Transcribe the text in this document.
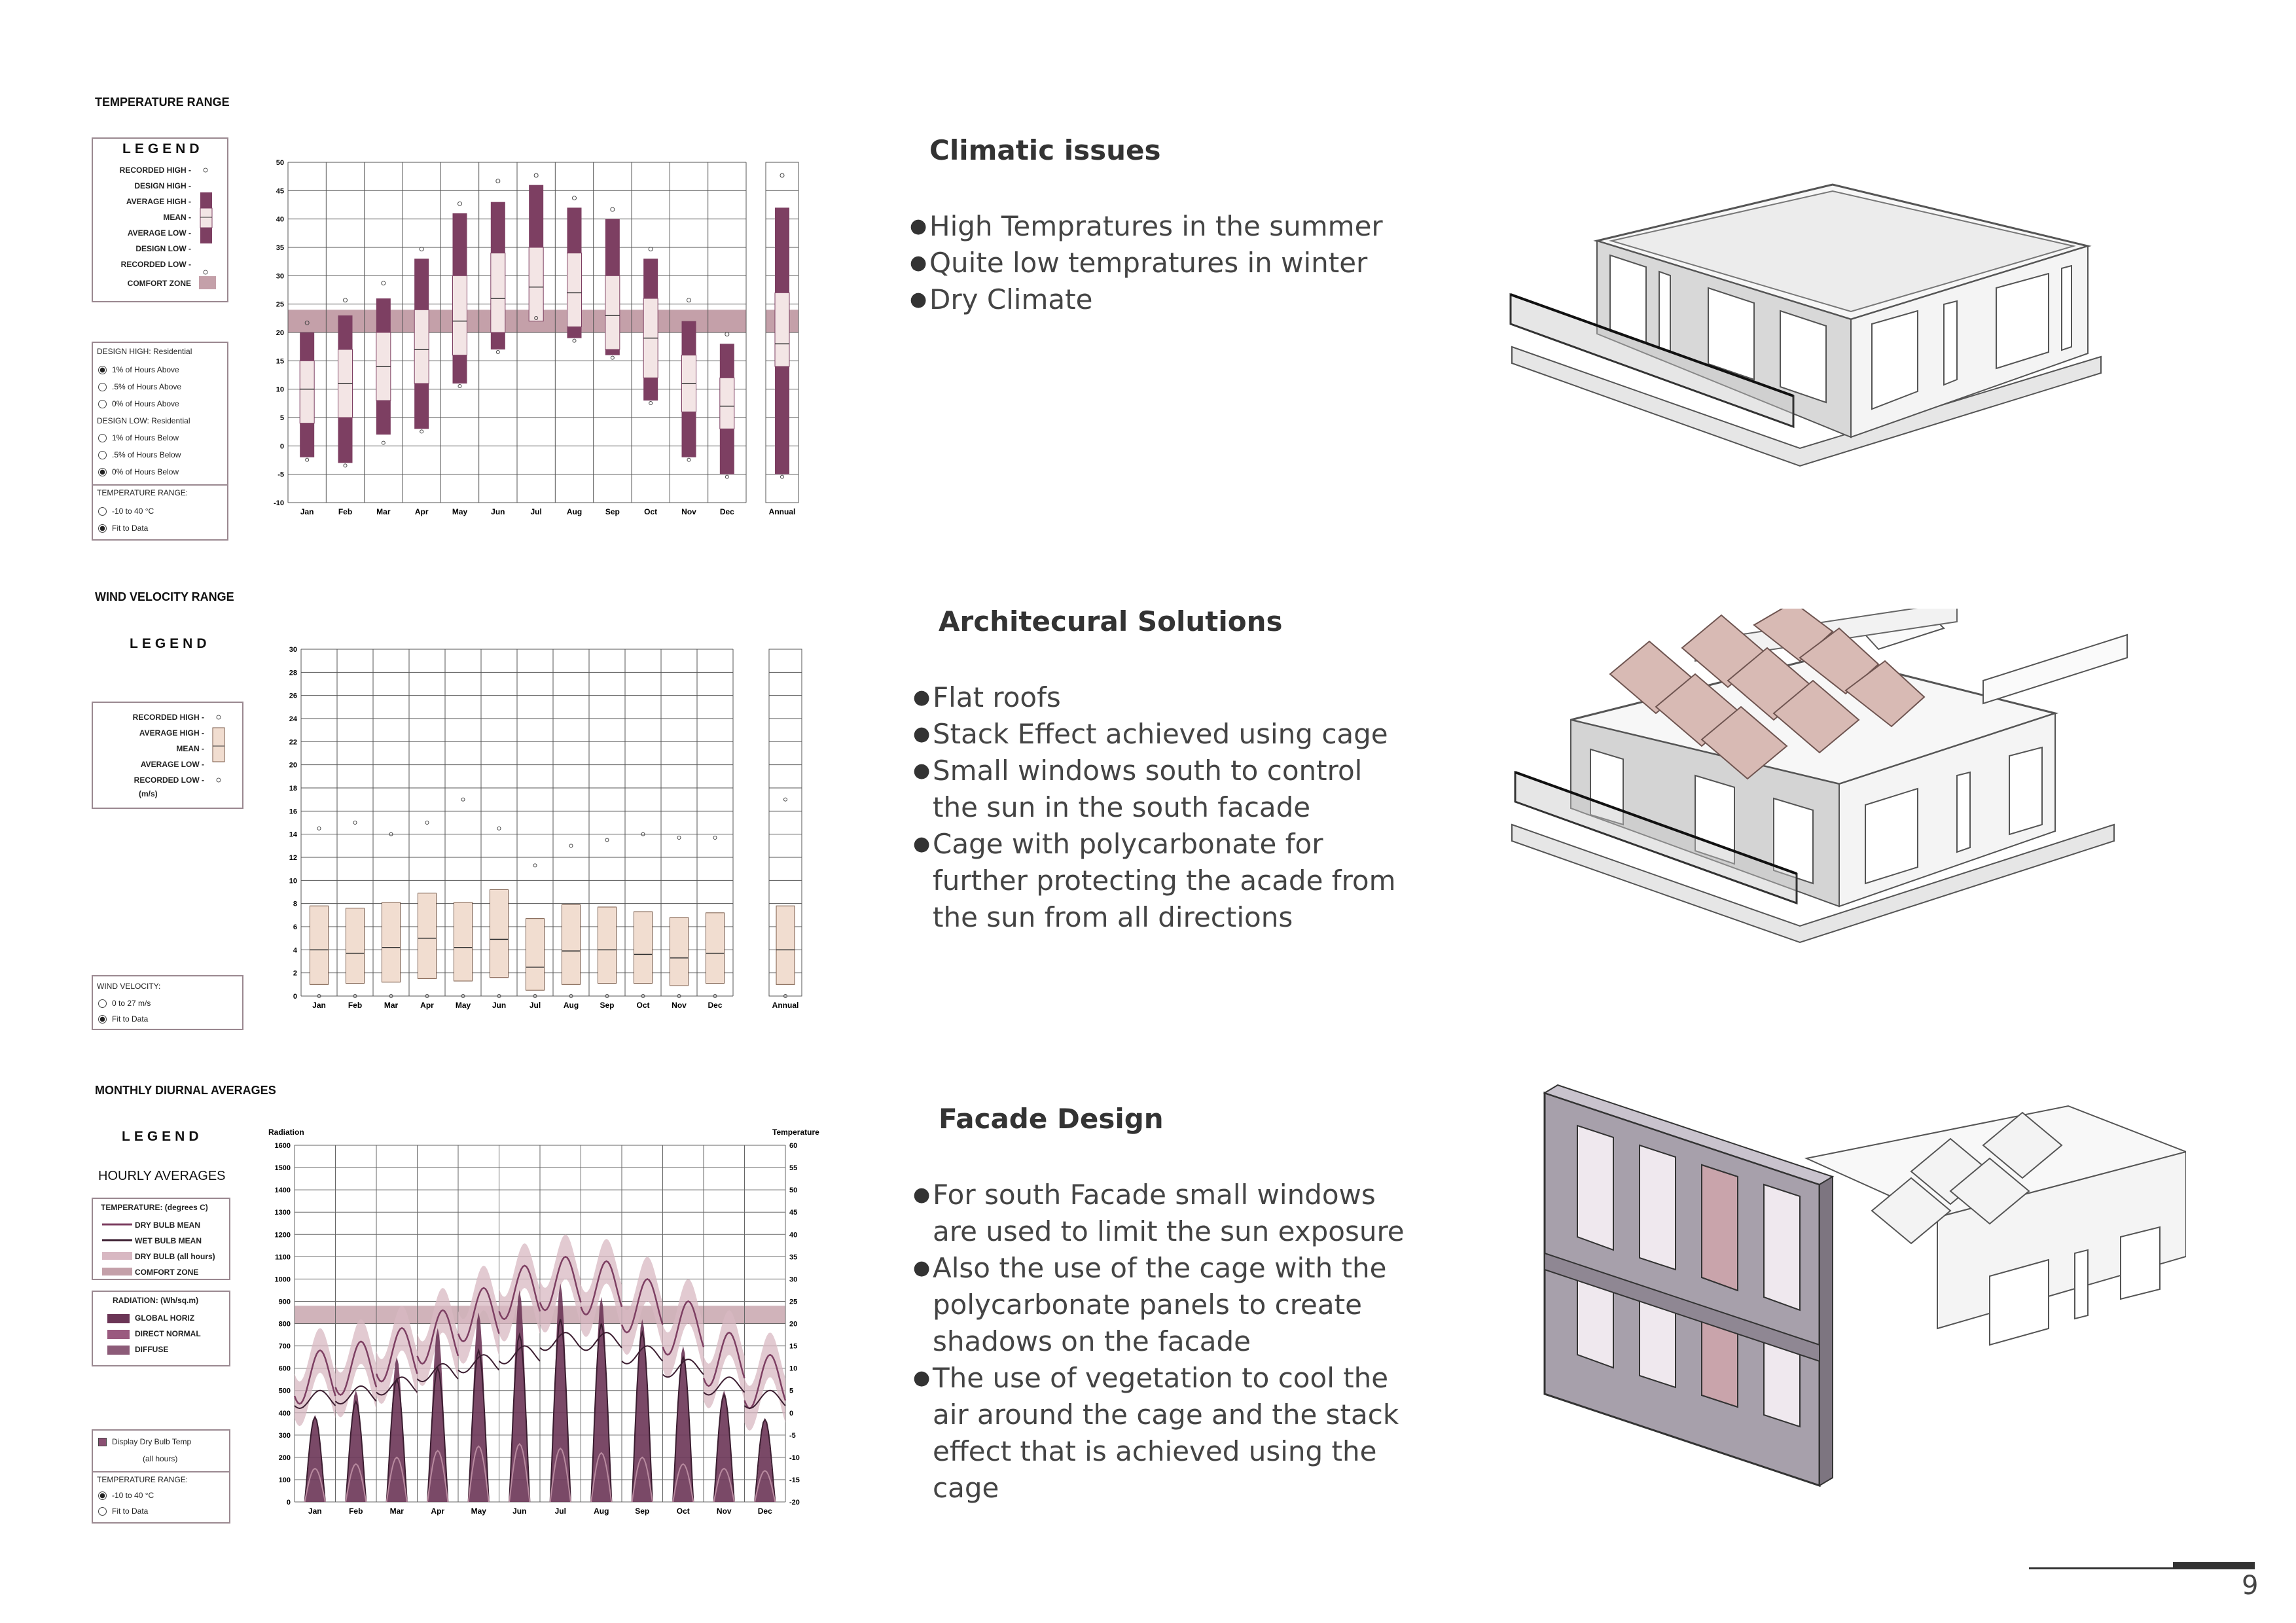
TEMPERATURE RANGE
LEGEND
RECORDED HIGH -
DESIGN HIGH -
AVERAGE HIGH -
MEAN -
AVERAGE LOW -
DESIGN LOW -
RECORDED LOW -
COMFORT ZONE
DESIGN HIGH: Residential
1% of Hours Above
.5% of Hours Above
0% of Hours Above
DESIGN LOW: Residential
1% of Hours Below
.5% of Hours Below
0% of Hours Below
TEMPERATURE RANGE:
-10 to 40 °C
Fit to Data
-10
-5
0
5
10
15
20
25
30
35
40
45
50
Jan	Feb	Mar	Apr	May	Jun	Jul	Aug	Sep	Oct	Nov	Dec	Annual
WIND VELOCITY RANGE
LEGEND
RECORDED HIGH -
AVERAGE HIGH -
MEAN -
AVERAGE LOW -
RECORDED LOW -
(m/s)
WIND VELOCITY:
0 to 27 m/s
Fit to Data
0
2
4
6
8
10
12
14
16
18
20
22
24
26
28
30
Jan	Feb	Mar	Apr	May	Jun	Jul	Aug	Sep	Oct	Nov	Dec	Annual
MONTHLY DIURNAL AVERAGES
LEGEND
HOURLY AVERAGES
TEMPERATURE: (degrees C)
DRY BULB MEAN
WET BULB MEAN
DRY BULB (all hours)
COMFORT ZONE
RADIATION: (Wh/sq.m)
GLOBAL HORIZ
DIRECT NORMAL
DIFFUSE
Display Dry Bulb Temp
(all hours)
TEMPERATURE RANGE:
-10 to 40 °C
Fit to Data
Radiation	Temperature
0
100
200
300
400
500
600
700
800
900
1000
1100
1200
1300
1400
1500
1600
-20
-15
-10
-5
0
5
10
15
20
25
30
35
40
45
50
55
60
Jan	Feb	Mar	Apr	May	Jun	Jul	Aug	Sep	Oct	Nov	Dec
Climatic issues
● High Tempratures in the summer
● Quite low tempratures in winter
● Dry Climate
Architecural Solutions
● Flat roofs
● Stack Effect achieved using cage
● Small windows south to control the sun in the south facade
● Cage with polycarbonate for further protecting the acade from the sun from all directions
Facade Design
● For south Facade small windows are used to limit the sun exposure
● Also the use of the cage with the polycarbonate panels to create shadows on the facade
● The use of vegetation to cool the air around the cage and the stack effect that is achieved using the cage
9
